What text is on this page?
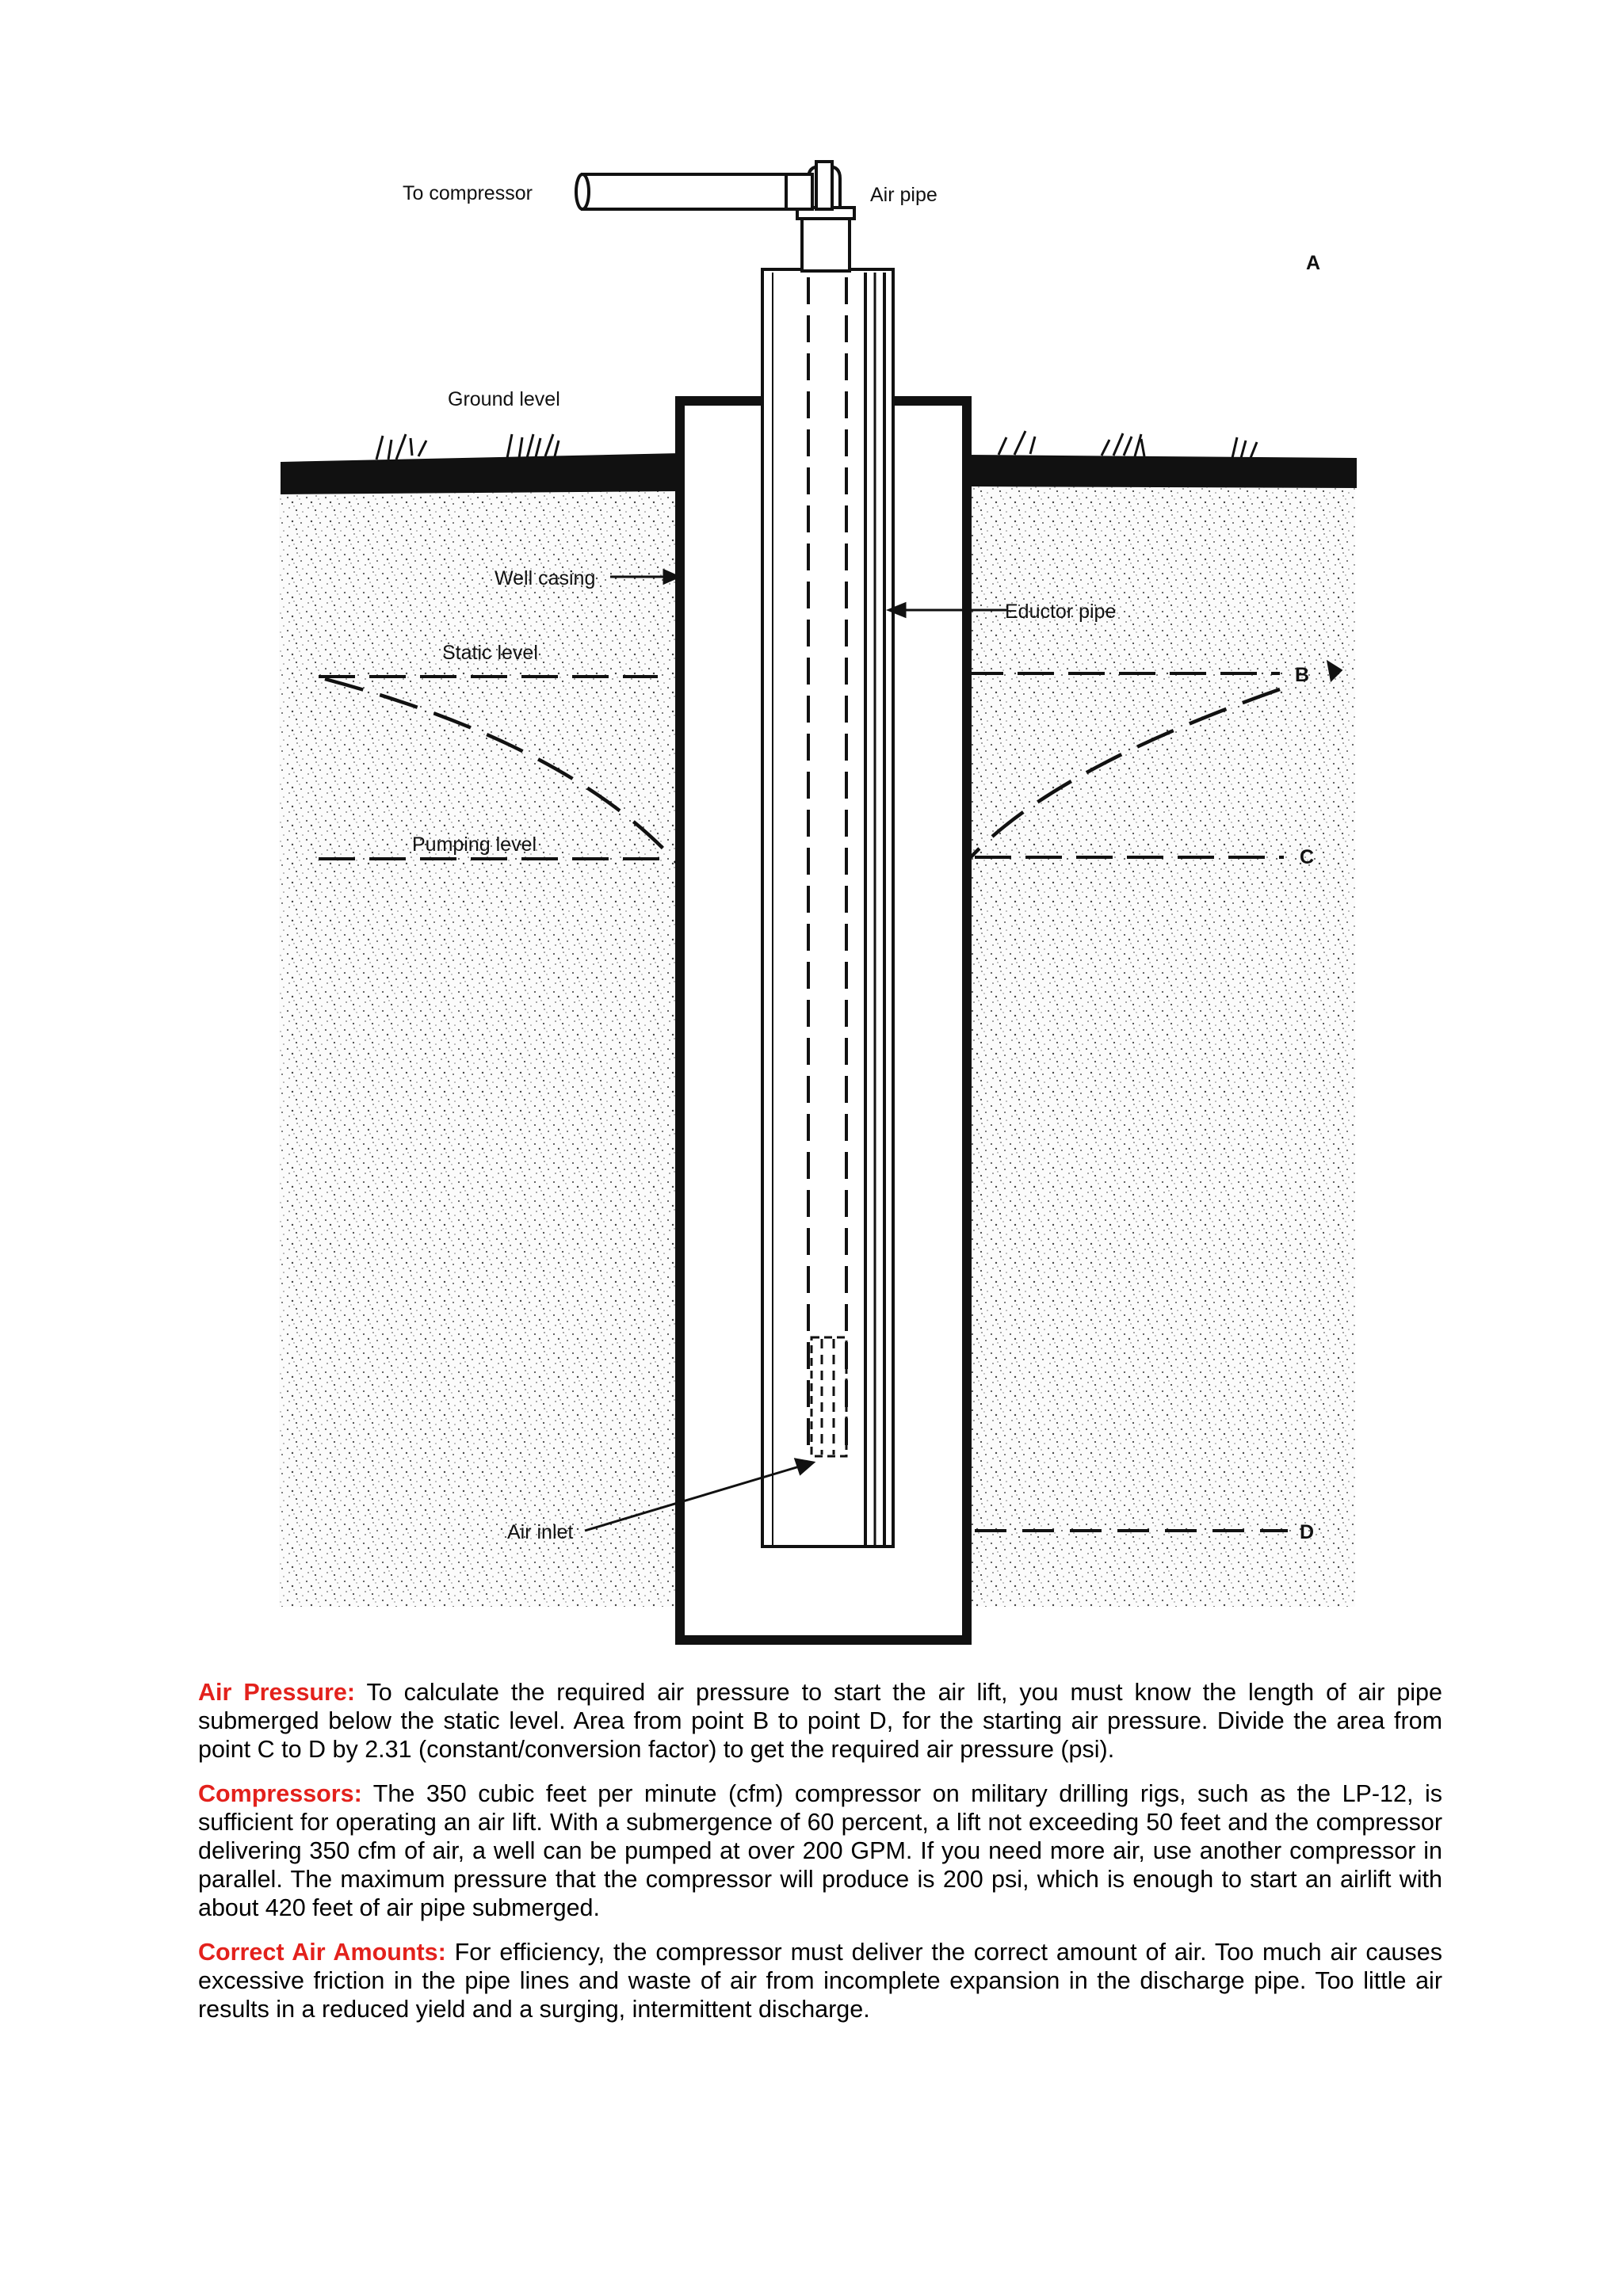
To compressor	Air pipe
Ground level
Well casing
Eductor pipe
Static level
Pumping level
Air inlet
A
B
C
D

Air Pressure: To calculate the required air pressure to start the air lift, you must know the length of air pipe submerged below the static level. Area from point B to point D, for the starting air pressure. Divide the area from point C to D by 2.31 (constant/conversion factor) to get the required air pressure (psi).

Compressors: The 350 cubic feet per minute (cfm) compressor on military drilling rigs, such as the LP-12, is sufficient for operating an air lift. With a submergence of 60 percent, a lift not exceeding 50 feet and the compressor delivering 350 cfm of air, a well can be pumped at over 200 GPM. If you need more air, use another compressor in parallel. The maximum pressure that the compressor will produce is 200 psi, which is enough to start an airlift with about 420 feet of air pipe submerged.

Correct Air Amounts: For efficiency, the compressor must deliver the correct amount of air. Too much air causes excessive friction in the pipe lines and waste of air from incomplete expansion in the discharge pipe. Too little air results in a reduced yield and a surging, intermittent discharge.
